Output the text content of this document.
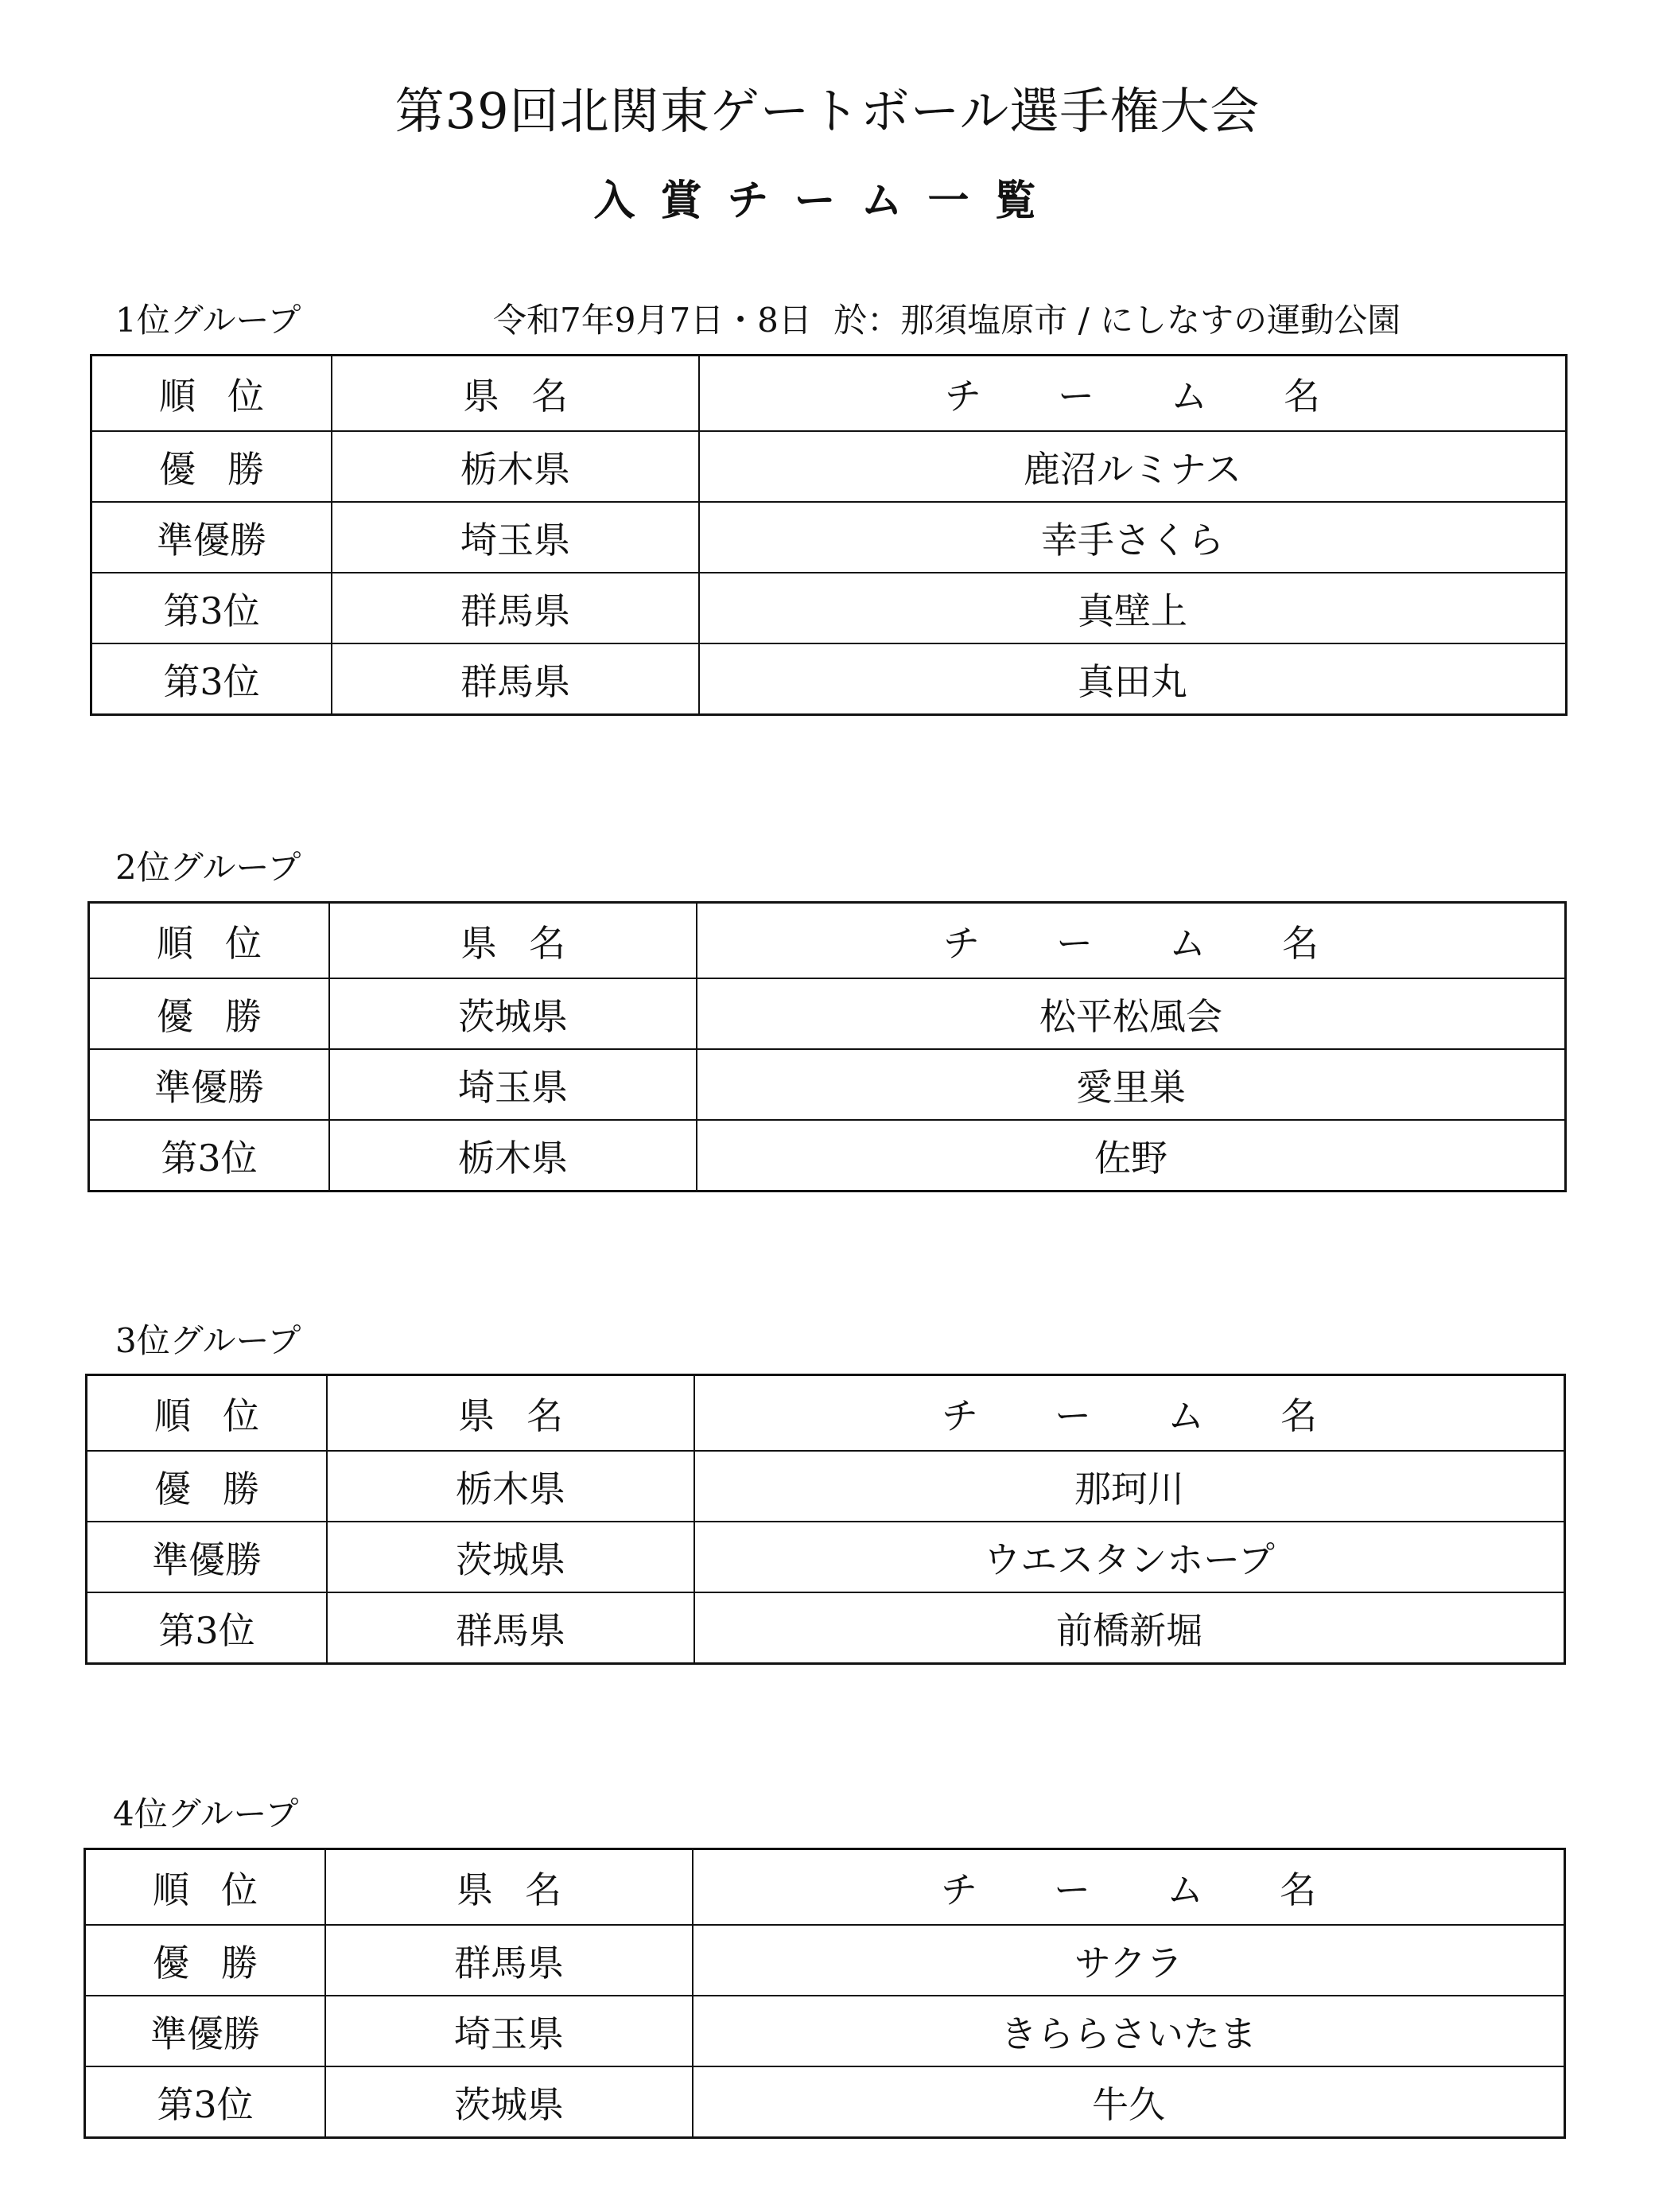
第39回北関東ゲートボール選手権大会
入賞チーム一覧
1位グループ	令和7年9月7日・8日 於：那須塩原市 / にしなすの運動公園
順位	県名	チーム名
優勝	栃木県	鹿沼ルミナス
準優勝	埼玉県	幸手さくら
第3位	群馬県	真壁上
第3位	群馬県	真田丸
2位グループ
順位	県名	チーム名
優勝	茨城県	松平松風会
準優勝	埼玉県	愛里巣
第3位	栃木県	佐野
3位グループ
順位	県名	チーム名
優勝	栃木県	那珂川
準優勝	茨城県	ウエスタンホープ
第3位	群馬県	前橋新堀
4位グループ
順位	県名	チーム名
優勝	群馬県	サクラ
準優勝	埼玉県	きららさいたま
第3位	茨城県	牛久
